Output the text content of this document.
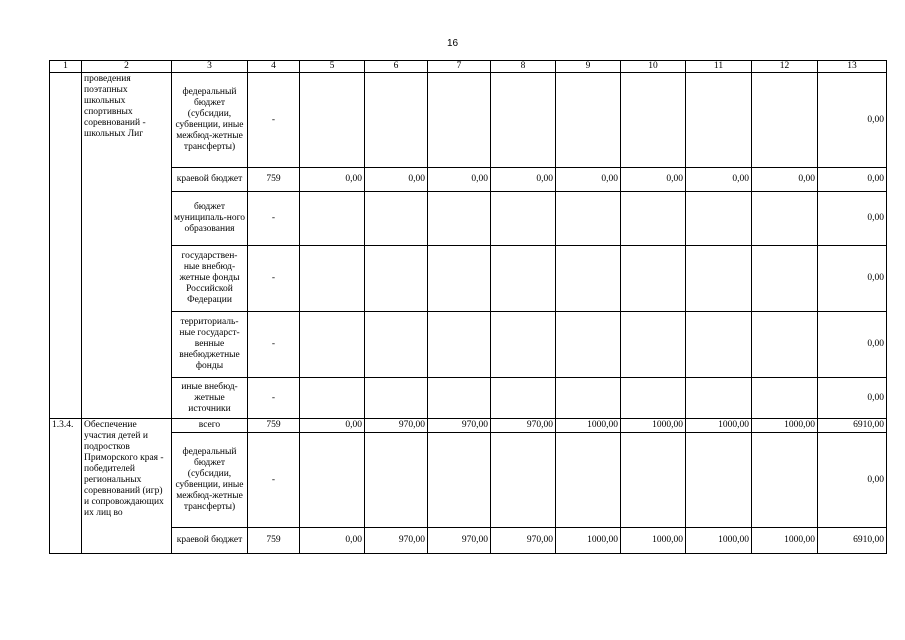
16
1	2	3	4	5	6	7	8	9	10	11	12	13
	проведения поэтапных школьных спортивных соревнований - школьных Лиг	федеральный бюджет (субсидии, субвенции, иные межбюд-жетные трансферты)	-									0,00
		краевой бюджет	759	0,00	0,00	0,00	0,00	0,00	0,00	0,00	0,00	0,00
		бюджет муниципаль-ного образования	-									0,00
		государствен-ные внебюд-жетные фонды Российской Федерации	-									0,00
		территориаль-ные государст-венные внебюджетные фонды	-									0,00
		иные внебюд-жетные источники	-									0,00
1.3.4.	Обеспечение участия детей и подростков Приморского края - победителей региональных соревнований (игр) и сопровождающих их лиц во	всего	759	0,00	970,00	970,00	970,00	1000,00	1000,00	1000,00	1000,00	6910,00
		федеральный бюджет (субсидии, субвенции, иные межбюд-жетные трансферты)	-									0,00
		краевой бюджет	759	0,00	970,00	970,00	970,00	1000,00	1000,00	1000,00	1000,00	6910,00
